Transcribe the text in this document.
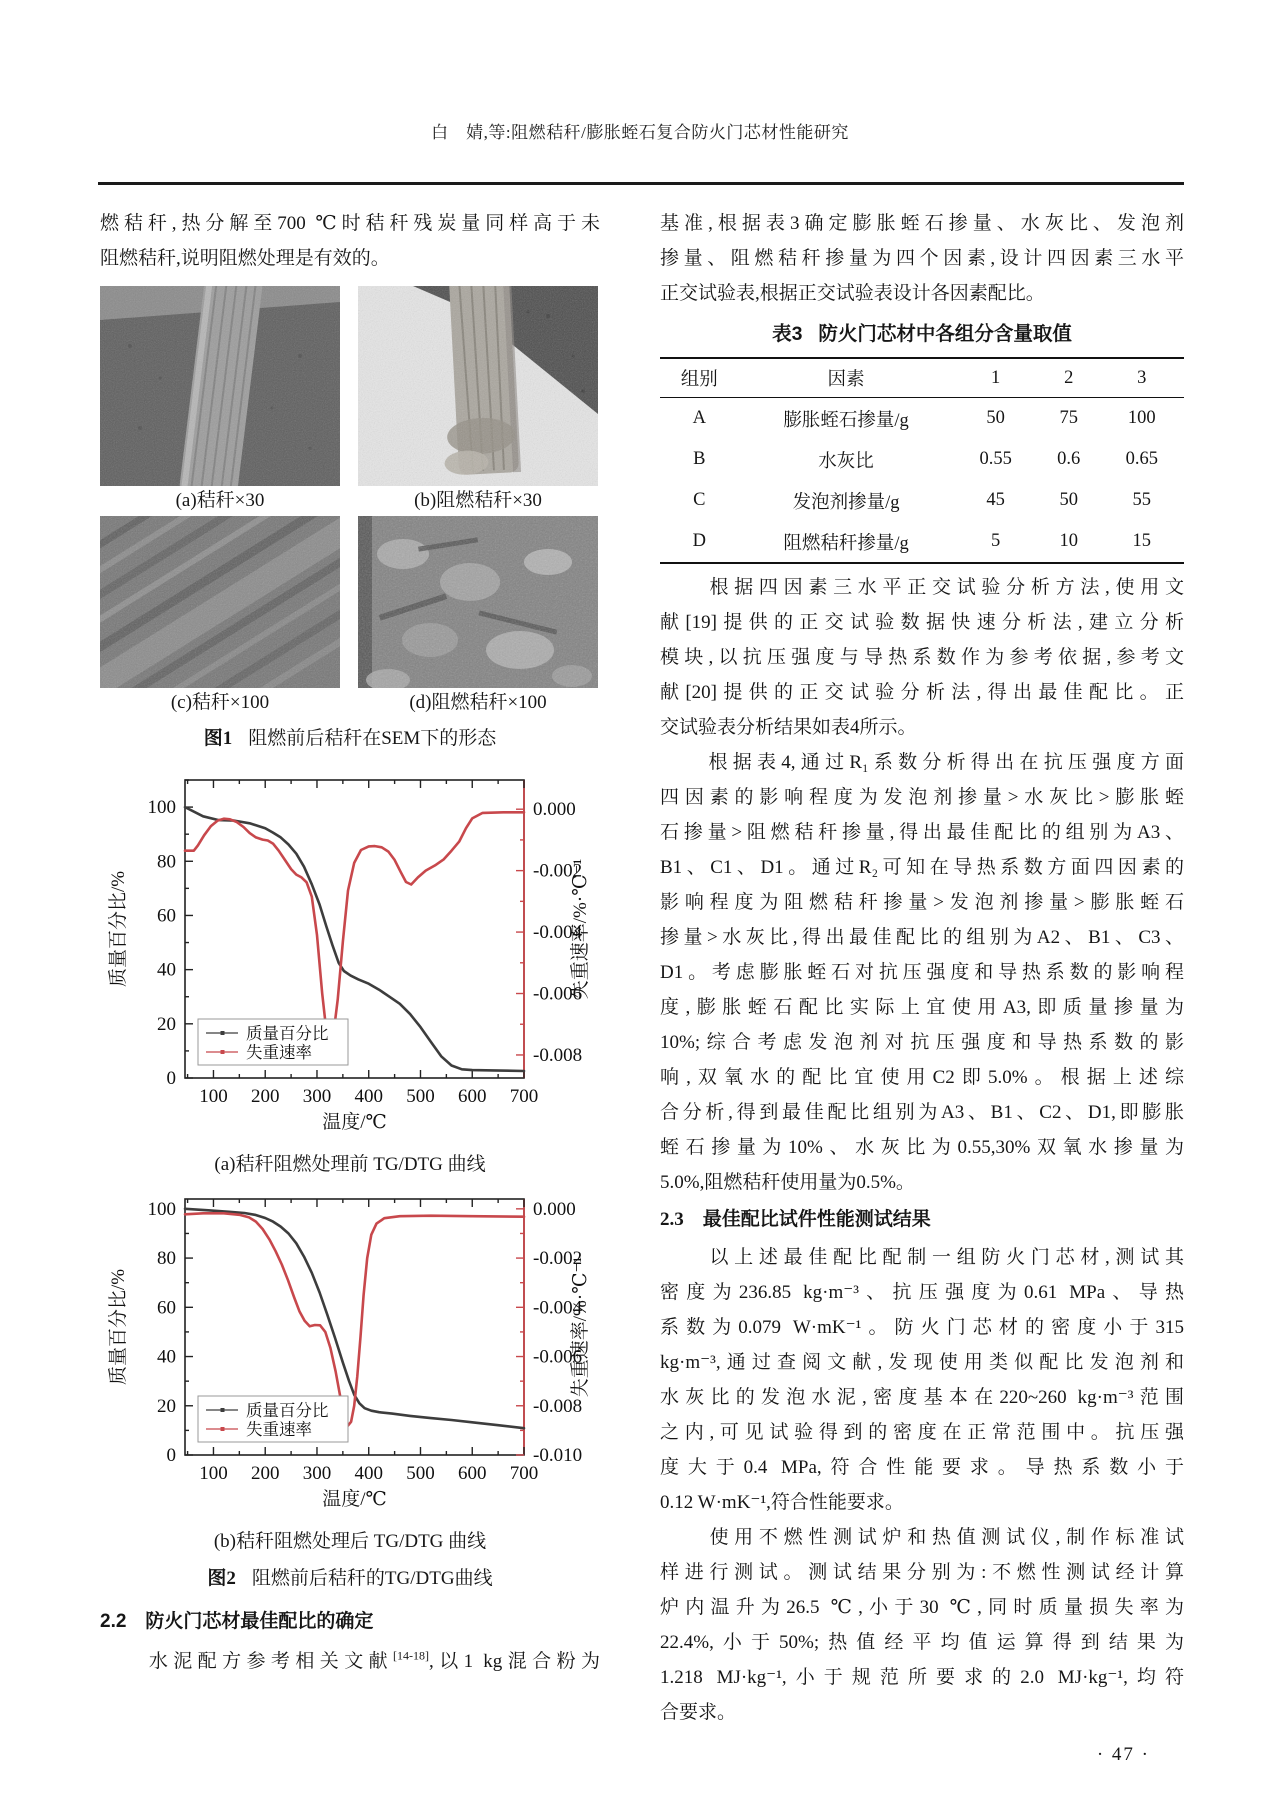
白　婧,等:阻燃秸秆/膨胀蛭石复合防火门芯材性能研究
燃秸秆,热分解至700 ℃时秸秆残炭量同样高于未
阻燃秸秆,说明阻燃处理是有效的。
(a)秸秆×30	(b)阻燃秸秆×30
(c)秸秆×100	(d)阻燃秸秆×100
图1 阻燃前后秸秆在SEM下的形态
100 200 300 400 500 600 700
0
20
40
60
80
100	0.000
-0.002
-0.004
-0.006
-0.008
质量百分比
失重速率
温度/℃
质量百分比/%	失重速率/%·℃⁻¹
(a)秸秆阻燃处理前 TG/DTG 曲线
100 200 300 400 500 600 700
0
20
40
60
80
100	0.000
-0.002
-0.004
-0.006
-0.008
-0.010
质量百分比
失重速率
温度/℃
质量百分比/%	失重速率/%·℃⁻¹
(b)秸秆阻燃处理后 TG/DTG 曲线
图2 阻燃前后秸秆的TG/DTG曲线
2.2　防火门芯材最佳配比的确定
　　水泥配方参考相关文献[14-18],以1 kg混合粉为
基准,根据表3确定膨胀蛭石掺量、水灰比、发泡剂
掺量、阻燃秸秆掺量为四个因素,设计四因素三水平
正交试验表,根据正交试验表设计各因素配比。
表3 防火门芯材中各组分含量取值
组别	因素	1	2	3
A	膨胀蛭石掺量/g	50	75	100
B	水灰比	0.55	0.6	0.65
C	发泡剂掺量/g	45	50	55
D	阻燃秸秆掺量/g	5	10	15
　　根据四因素三水平正交试验分析方法,使用文
献[19]提供的正交试验数据快速分析法,建立分析
模块,以抗压强度与导热系数作为参考依据,参考文
献[20]提供的正交试验分析法,得出最佳配比。正
交试验表分析结果如表4所示。
　　根据表4,通过R₁系数分析得出在抗压强度方面
四因素的影响程度为发泡剂掺量>水灰比>膨胀蛭
石掺量>阻燃秸秆掺量,得出最佳配比的组别为A3、
B1、C1、D1。通过R₂可知在导热系数方面四因素的
影响程度为阻燃秸秆掺量>发泡剂掺量>膨胀蛭石
掺量>水灰比,得出最佳配比的组别为A2、B1、C3、
D1。考虑膨胀蛭石对抗压强度和导热系数的影响程
度,膨胀蛭石配比实际上宜使用A3,即质量掺量为
10%;综合考虑发泡剂对抗压强度和导热系数的影
响,双氧水的配比宜使用C2即5.0%。根据上述综
合分析,得到最佳配比组别为A3、B1、C2、D1,即膨胀
蛭石掺量为10%、水灰比为0.55,30%双氧水掺量为
5.0%,阻燃秸秆使用量为0.5%。
2.3　最佳配比试件性能测试结果
　　以上述最佳配比配制一组防火门芯材,测试其
密度为236.85 kg·m⁻³、抗压强度为0.61 MPa、导热
系数为0.079 W·mK⁻¹。防火门芯材的密度小于315
kg·m⁻³,通过查阅文献,发现使用类似配比发泡剂和
水灰比的发泡水泥,密度基本在220~260 kg·m⁻³范围
之内,可见试验得到的密度在正常范围中。抗压强
度大于0.4 MPa,符合性能要求。导热系数小于
0.12 W·mK⁻¹,符合性能要求。
　　使用不燃性测试炉和热值测试仪,制作标准试
样进行测试。测试结果分别为:不燃性测试经计算
炉内温升为26.5 ℃,小于30 ℃,同时质量损失率为
22.4%,小于50%;热值经平均值运算得到结果为
1.218 MJ·kg⁻¹,小于规范所要求的2.0 MJ·kg⁻¹,均符
合要求。
· 47 ·
